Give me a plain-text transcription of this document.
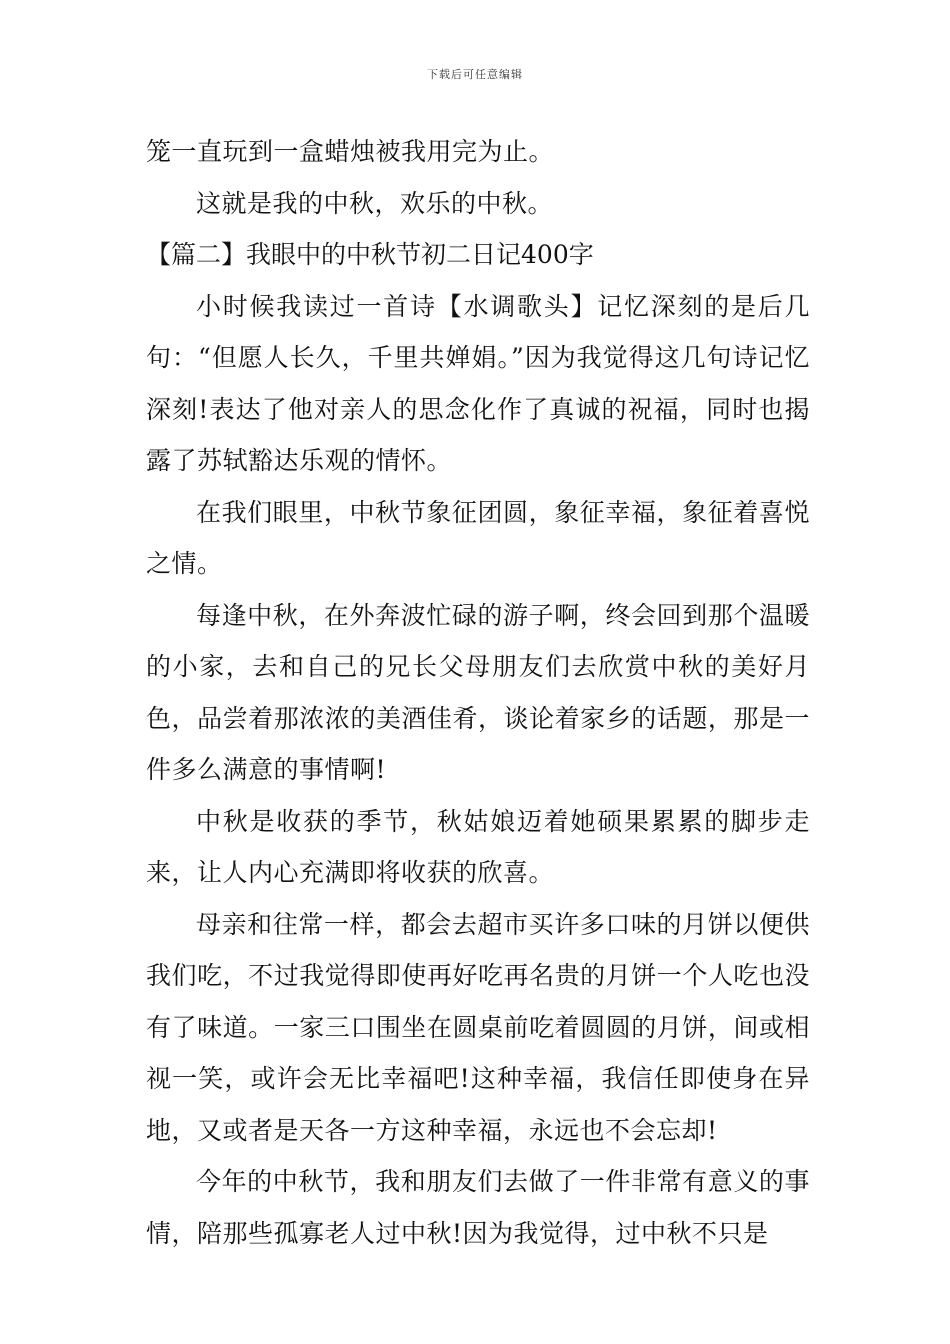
下载后可任意编辑

笼一直玩到一盒蜡烛被我用完为止。

这就是我的中秋，欢乐的中秋。

【篇二】我眼中的中秋节初二日记400字

小时候我读过一首诗【水调歌头】记忆深刻的是后几句：“但愿人长久，千里共婵娟。”因为我觉得这几句诗记忆深刻!表达了他对亲人的思念化作了真诚的祝福，同时也揭露了苏轼豁达乐观的情怀。

在我们眼里，中秋节象征团圆，象征幸福，象征着喜悦之情。

每逢中秋，在外奔波忙碌的游子啊，终会回到那个温暖的小家，去和自己的兄长父母朋友们去欣赏中秋的美好月色，品尝着那浓浓的美酒佳肴，谈论着家乡的话题，那是一件多么满意的事情啊!

中秋是收获的季节，秋姑娘迈着她硕果累累的脚步走来，让人内心充满即将收获的欣喜。

母亲和往常一样，都会去超市买许多口味的月饼以便供我们吃，不过我觉得即使再好吃再名贵的月饼一个人吃也没有了味道。一家三口围坐在圆桌前吃着圆圆的月饼，间或相视一笑，或许会无比幸福吧!这种幸福，我信任即使身在异地，又或者是天各一方这种幸福，永远也不会忘却!

今年的中秋节，我和朋友们去做了一件非常有意义的事情，陪那些孤寡老人过中秋!因为我觉得，过中秋不只是
